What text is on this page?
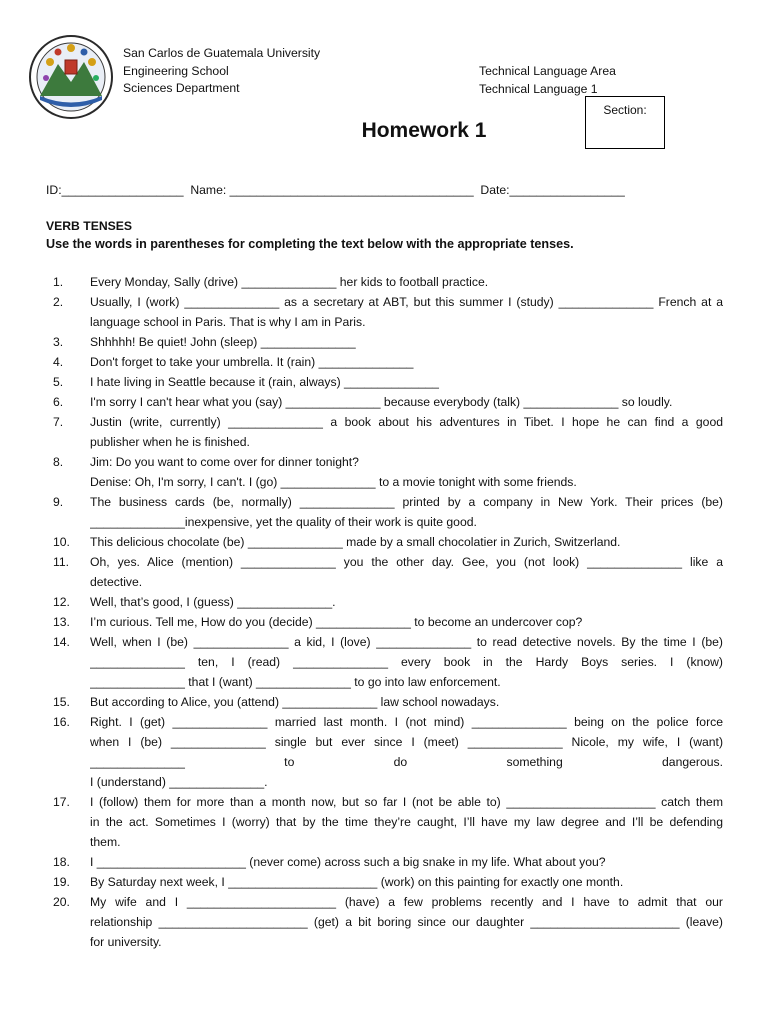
San Carlos de Guatemala University
Engineering School
Sciences Department
Technical Language Area
Technical Language 1
Section:
Homework 1
ID:__________________  Name: ____________________________________  Date:_________________
VERB TENSES
Use the words in parentheses for completing the text below with the appropriate tenses.
1.	Every Monday, Sally (drive) ______________ her kids to football practice.
2.	Usually, I (work) ______________ as a secretary at ABT, but this summer I (study) ______________ French at a
language school in Paris. That is why I am in Paris.
3.	Shhhhh! Be quiet! John (sleep) ______________
4.	Don't forget to take your umbrella. It (rain) ______________
5.	I hate living in Seattle because it (rain, always) ______________
6.	I'm sorry I can't hear what you (say) ______________ because everybody (talk) ______________ so loudly.
7.	Justin (write, currently) ______________ a book about his adventures in Tibet. I hope he can find a good
publisher when he is finished.
8.	Jim: Do you want to come over for dinner tonight?
Denise: Oh, I'm sorry, I can't. I (go) ______________ to a movie tonight with some friends.
9.	The business cards (be, normally) ______________ printed by a company in New York. Their prices (be)
______________inexpensive, yet the quality of their work is quite good.
10.	This delicious chocolate (be) ______________ made by a small chocolatier in Zurich, Switzerland.
11.	Oh, yes. Alice (mention) ______________ you the other day. Gee, you (not look) ______________ like a
detective.
12.	Well, that’s good, I (guess) ______________.
13.	I’m curious. Tell me, How do you (decide) ______________ to become an undercover cop?
14.	Well, when I (be) ______________ a kid, I (love) ______________ to read detective novels. By the time I (be)
______________ ten, I (read) ______________ every book in the Hardy Boys series. I (know)
______________ that I (want) ______________ to go into law enforcement.
15.	But according to Alice, you (attend) ______________ law school nowadays.
16.	Right. I (get) ______________ married last month. I (not mind) ______________ being on the police force
when I (be) ______________ single but ever since I (meet) ______________ Nicole, my wife, I (want)
______________ to do something dangerous.
I (understand) ______________.
17.	I (follow) them for more than a month now, but so far I (not be able to) ______________________ catch them
in the act. Sometimes I (worry) that by the time they’re caught, I’ll have my law degree and I’ll be defending
them.
18.	I ______________________ (never come) across such a big snake in my life. What about you?
19.	By Saturday next week, I ______________________ (work) on this painting for exactly one month.
20.	My wife and I ______________________ (have) a few problems recently and I have to admit that our
relationship ______________________ (get) a bit boring since our daughter ______________________ (leave)
for university.
